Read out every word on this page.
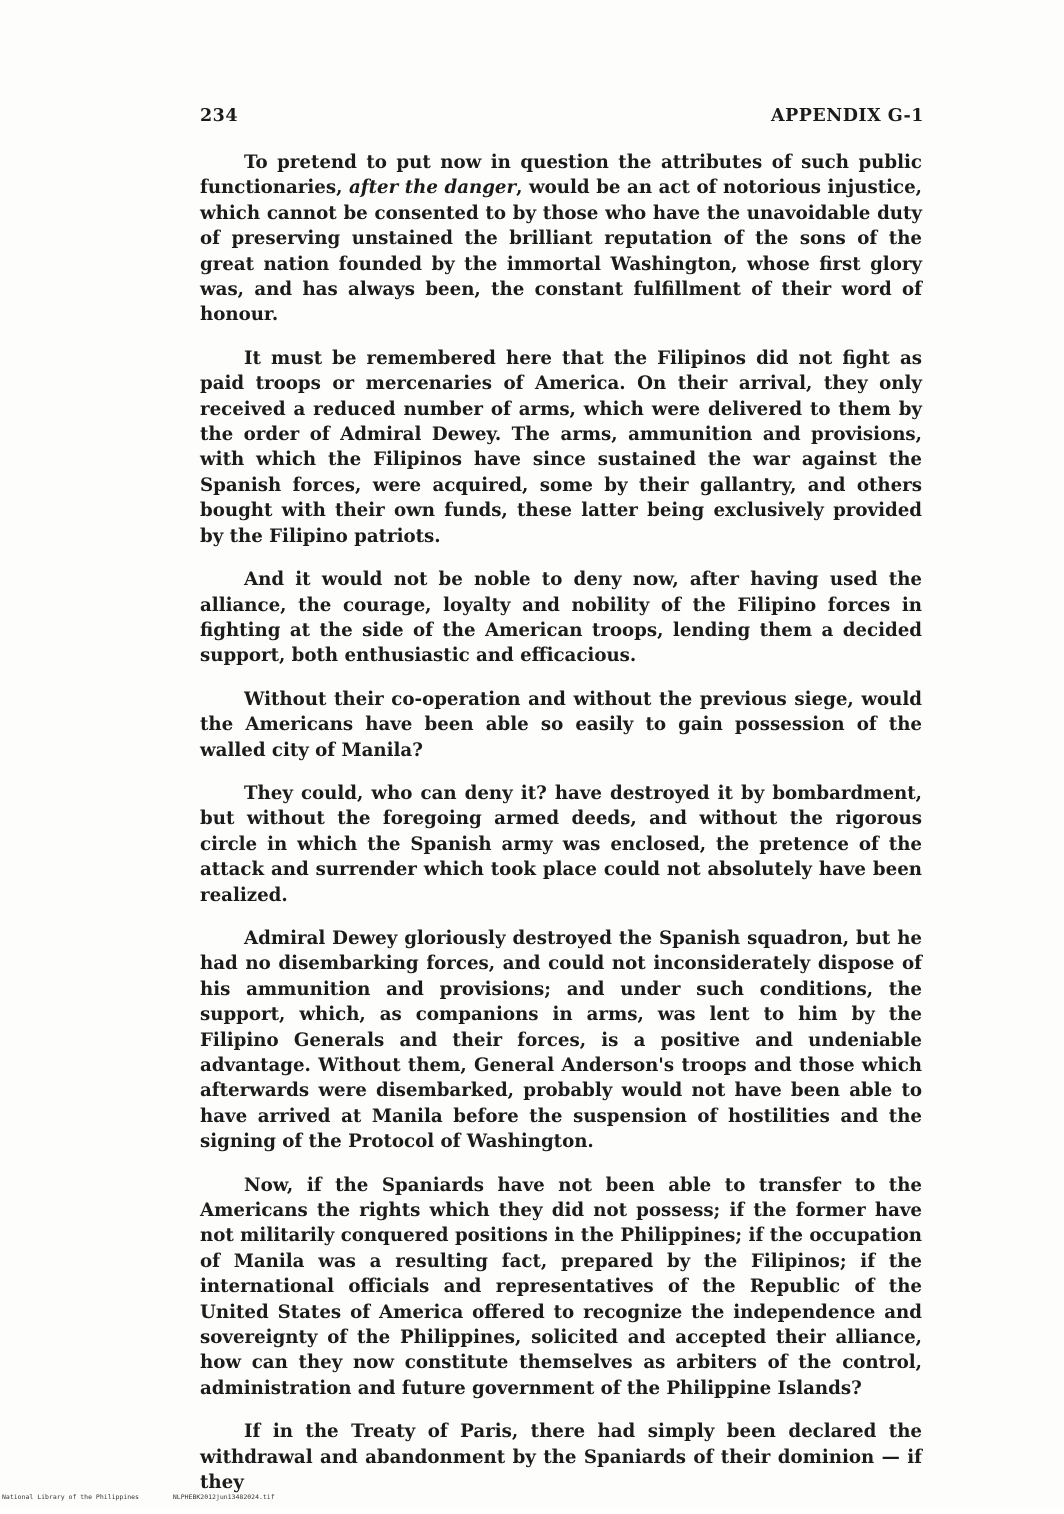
234	APPENDIX G-1

To pretend to put now in question the attributes of such public functionaries, after the danger, would be an act of notorious injustice, which cannot be consented to by those who have the unavoidable duty of preserving unstained the brilliant reputation of the sons of the great nation founded by the immortal Washington, whose first glory was, and has always been, the constant fulfillment of their word of honour.

It must be remembered here that the Filipinos did not fight as paid troops or mercenaries of America. On their arrival, they only received a reduced number of arms, which were delivered to them by the order of Admiral Dewey. The arms, ammunition and provisions, with which the Filipinos have since sustained the war against the Spanish forces, were acquired, some by their gallantry, and others bought with their own funds, these latter being exclusively provided by the Filipino patriots.

And it would not be noble to deny now, after having used the alliance, the courage, loyalty and nobility of the Filipino forces in fighting at the side of the American troops, lending them a decided support, both enthusiastic and efficacious.

Without their co-operation and without the previous siege, would the Americans have been able so easily to gain possession of the walled city of Manila?

They could, who can deny it? have destroyed it by bombardment, but without the foregoing armed deeds, and without the rigorous circle in which the Spanish army was enclosed, the pretence of the attack and surrender which took place could not absolutely have been realized.

Admiral Dewey gloriously destroyed the Spanish squadron, but he had no disembarking forces, and could not inconsiderately dispose of his ammunition and provisions; and under such conditions, the support, which, as companions in arms, was lent to him by the Filipino Generals and their forces, is a positive and undeniable advantage. Without them, General Anderson's troops and those which afterwards were disembarked, probably would not have been able to have arrived at Manila before the suspension of hostilities and the signing of the Protocol of Washington.

Now, if the Spaniards have not been able to transfer to the Americans the rights which they did not possess; if the former have not militarily conquered positions in the Philippines; if the occupation of Manila was a resulting fact, prepared by the Filipinos; if the international officials and representatives of the Republic of the United States of America offered to recognize the independence and sovereignty of the Philippines, solicited and accepted their alliance, how can they now constitute themselves as arbiters of the control, administration and future government of the Philippine Islands?

If in the Treaty of Paris, there had simply been declared the withdrawal and abandonment by the Spaniards of their dominion — if they

National Library of the Philippines	NLPHEBK2012jun13482024.tif
